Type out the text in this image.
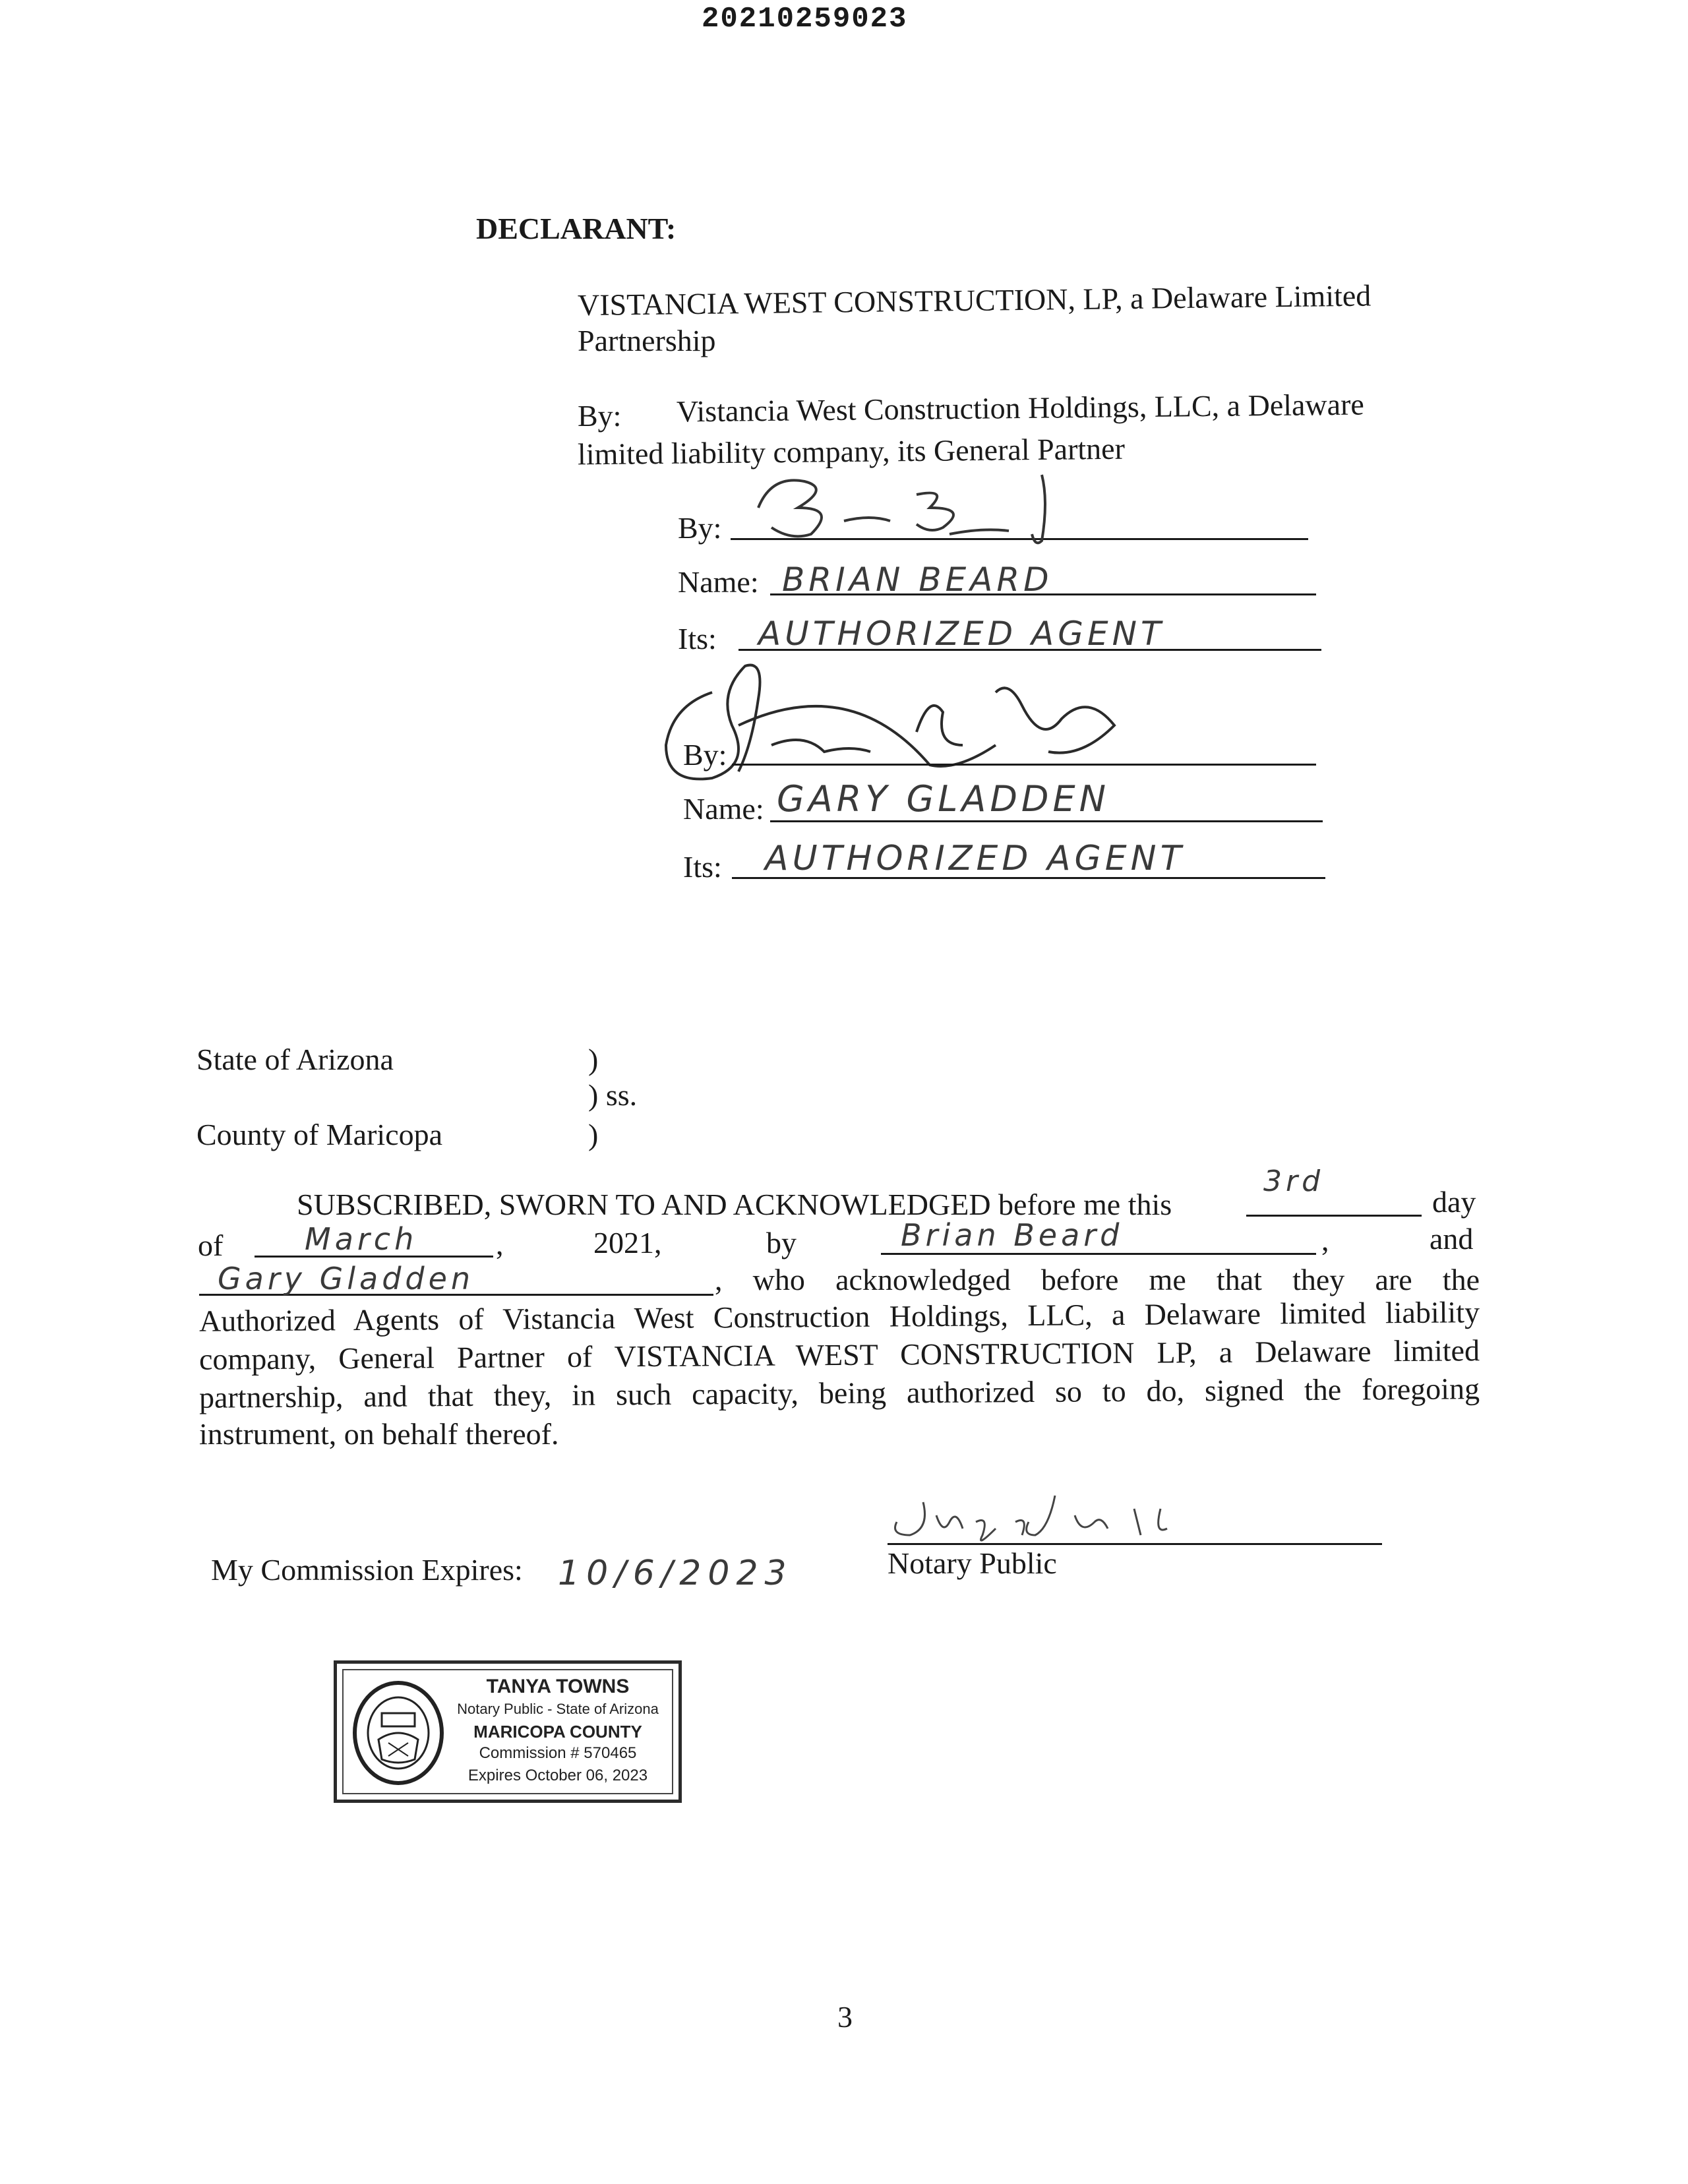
20210259023
DECLARANT:
VISTANCIA WEST CONSTRUCTION, LP, a Delaware Limited
Partnership
By: Vistancia West Construction Holdings, LLC, a Delaware
limited liability company, its General Partner
By:
Name: BRIAN BEARD
Its: AUTHORIZED AGENT
By:
Name: GARY GLADDEN
Its: AUTHORIZED AGENT
State of Arizona	)
) ss.
County of Maricopa	)
SUBSCRIBED, SWORN TO AND ACKNOWLEDGED before me this
3rd
day
of	March	,	2021,	by	Brian Beard	,	and
Gary Gladden	, who acknowledged before me that they are the
Authorized Agents of Vistancia West Construction Holdings, LLC, a Delaware limited liability
company, General Partner of VISTANCIA WEST CONSTRUCTION LP, a Delaware limited
partnership, and that they, in such capacity, being authorized so to do, signed the foregoing
instrument, on behalf thereof.
Notary Public
My Commission Expires: 10/6/2023
TANYA TOWNS
Notary Public - State of Arizona
MARICOPA COUNTY
Commission # 570465
Expires October 06, 2023
3
